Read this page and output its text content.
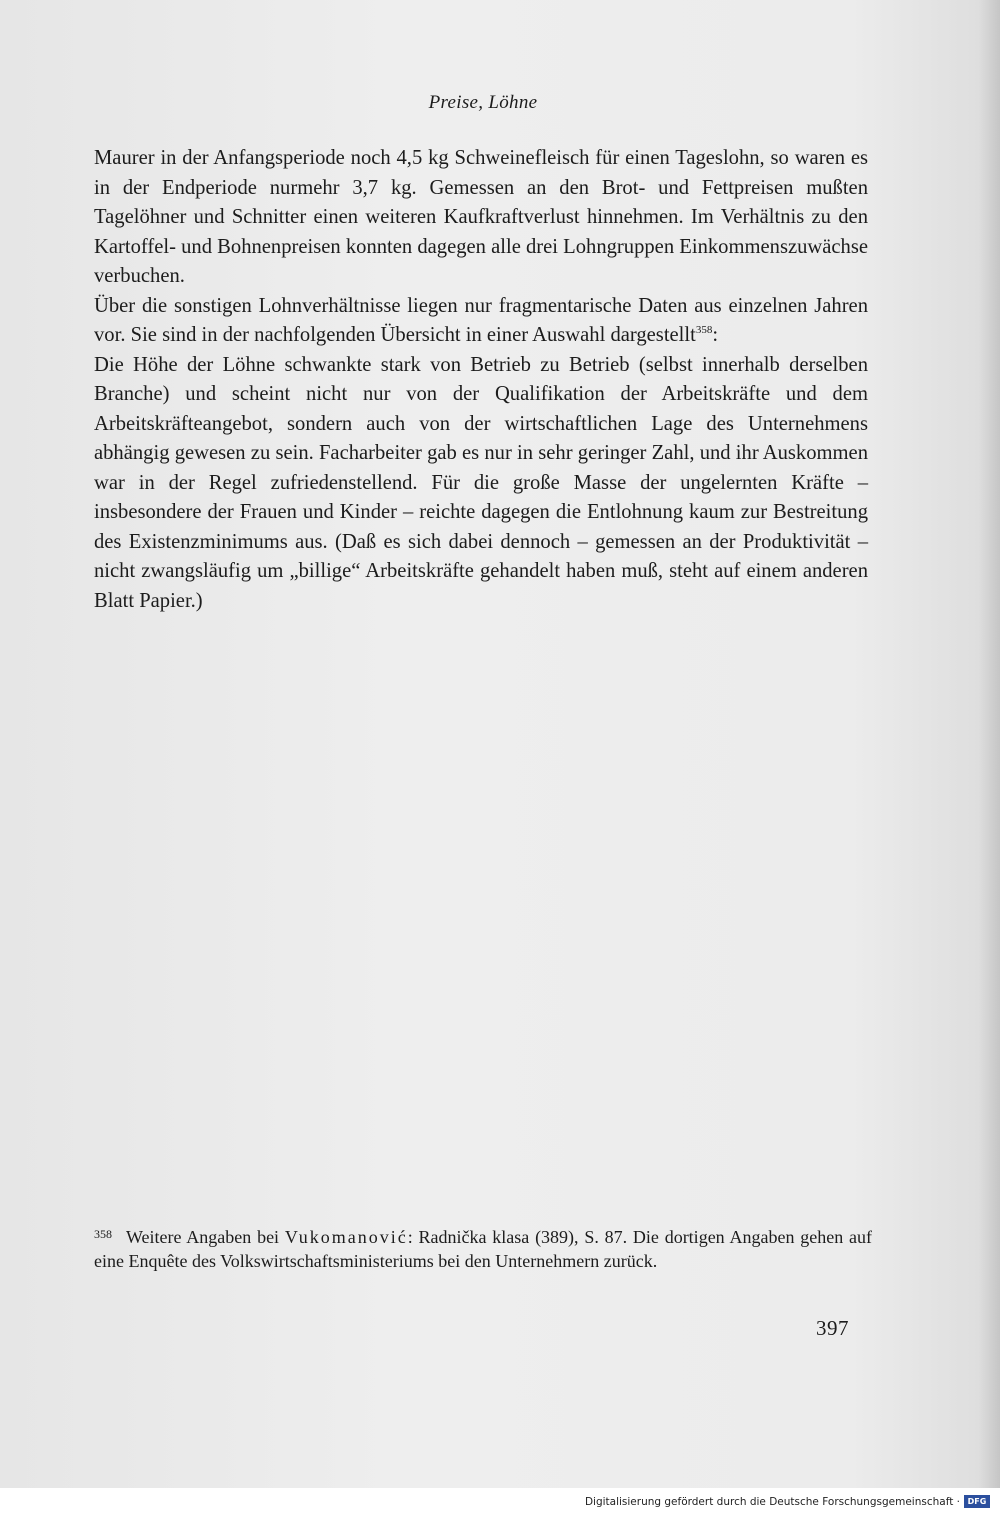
Preise, Löhne

Maurer in der Anfangsperiode noch 4,5 kg Schweinefleisch für einen Tageslohn, so waren es in der Endperiode nurmehr 3,7 kg. Gemessen an den Brot- und Fettpreisen mußten Tagelöhner und Schnitter einen weiteren Kaufkraftverlust hinnehmen. Im Verhältnis zu den Kartoffel- und Bohnenpreisen konnten dagegen alle drei Lohngruppen Einkommenszuwächse verbuchen.

Über die sonstigen Lohnverhältnisse liegen nur fragmentarische Daten aus einzelnen Jahren vor. Sie sind in der nachfolgenden Übersicht in einer Auswahl dargestellt$^{358}$:

Die Höhe der Löhne schwankte stark von Betrieb zu Betrieb (selbst innerhalb derselben Branche) und scheint nicht nur von der Qualifikation der Arbeitskräfte und dem Arbeitskräfteangebot, sondern auch von der wirtschaftlichen Lage des Unternehmens abhängig gewesen zu sein. Facharbeiter gab es nur in sehr geringer Zahl, und ihr Auskommen war in der Regel zufriedenstellend. Für die große Masse der ungelernten Kräfte – insbesondere der Frauen und Kinder – reichte dagegen die Entlohnung kaum zur Bestreitung des Existenzminimums aus. (Daß es sich dabei dennoch – gemessen an der Produktivität – nicht zwangsläufig um „billige“ Arbeitskräfte gehandelt haben muß, steht auf einem anderen Blatt Papier.)

$^{358}$ Weitere Angaben bei Vukomanović: Radnička klasa (389), S. 87. Die dortigen Angaben gehen auf eine Enquête des Volkswirtschaftsministeriums bei den Unternehmern zurück.
397
Digitalisierung gefördert durch die Deutsche Forschungsgemeinschaft · DFG
